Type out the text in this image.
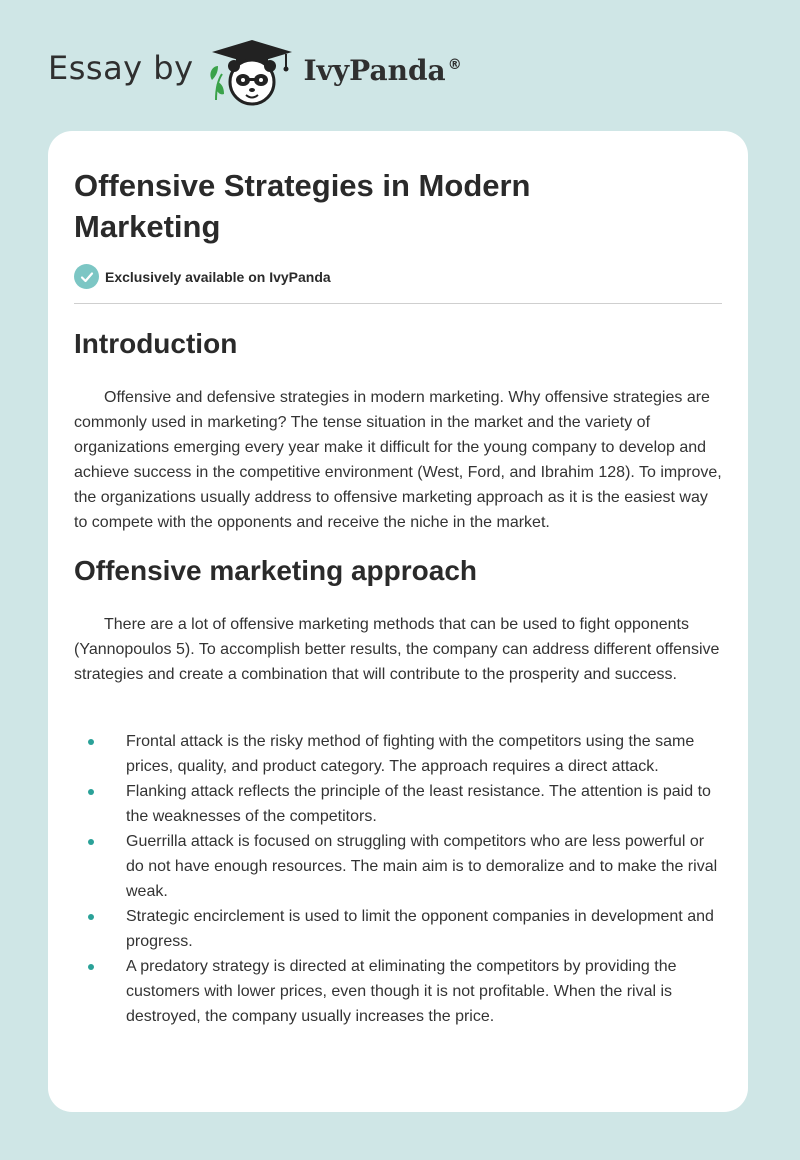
Essay by	IvyPanda ®
Offensive Strategies in Modern Marketing
Exclusively available on IvyPanda
Introduction

Offensive and defensive strategies in modern marketing. Why offensive strategies are commonly used in marketing? The tense situation in the market and the variety of organizations emerging every year make it difficult for the young company to develop and achieve success in the competitive environment (West, Ford, and Ibrahim 128). To improve, the organizations usually address to offensive marketing approach as it is the easiest way to compete with the opponents and receive the niche in the market.

Offensive marketing approach

There are a lot of offensive marketing methods that can be used to fight opponents (Yannopoulos 5). To accomplish better results, the company can address different offensive strategies and create a combination that will contribute to the prosperity and success.

Frontal attack is the risky method of fighting with the competitors using the same prices, quality, and product category. The approach requires a direct attack.
Flanking attack reflects the principle of the least resistance. The attention is paid to the weaknesses of the competitors.
Guerrilla attack is focused on struggling with competitors who are less powerful or do not have enough resources. The main aim is to demoralize and to make the rival weak.
Strategic encirclement is used to limit the opponent companies in development and progress.
A predatory strategy is directed at eliminating the competitors by providing the customers with lower prices, even though it is not profitable. When the rival is destroyed, the company usually increases the price.
